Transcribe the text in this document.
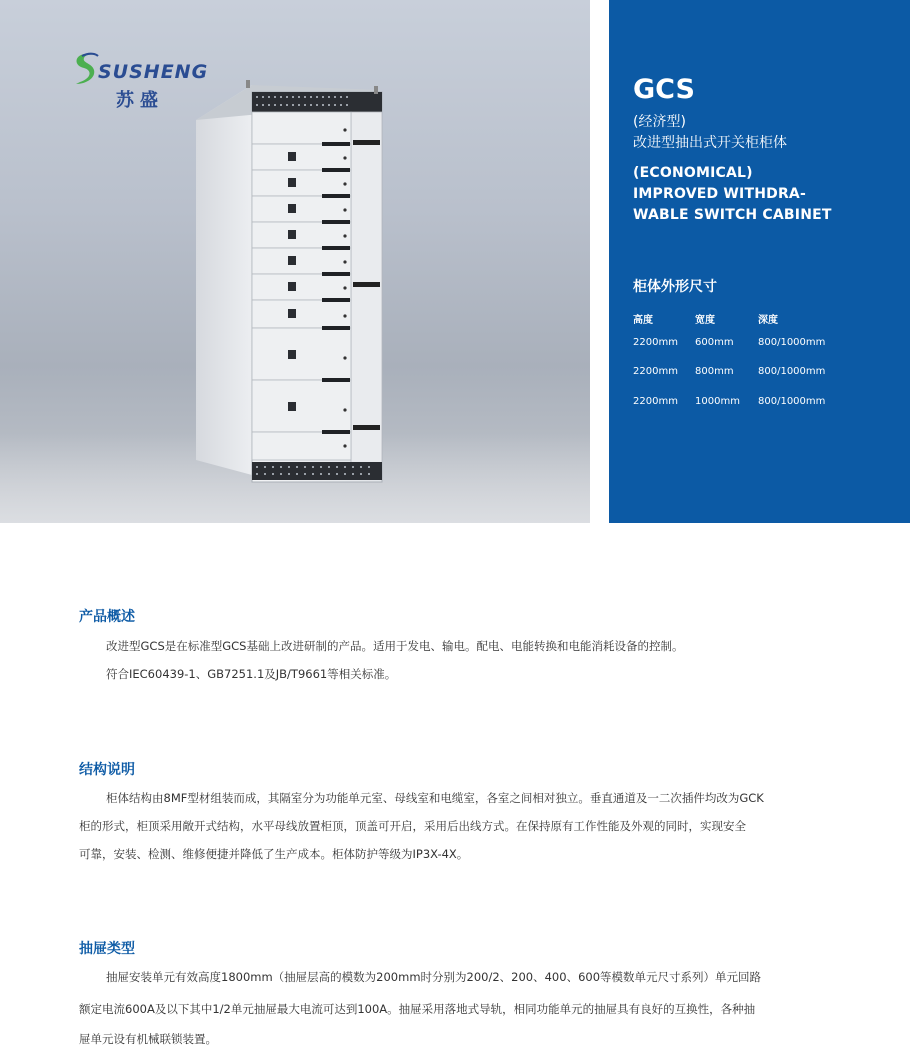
SUSHENG
苏盛	GCS
(经济型)
改进型抽出式开关柜柜体
(ECONOMICAL)
IMPROVED WITHDRA-
WABLE SWITCH CABINET
柜体外形尺寸
高度	宽度	深度
2200mm 600mm 800/1000mm
2200mm 800mm 800/1000mm
2200mm 1000mm 800/1000mm
产品概述
改进型GCS是在标准型GCS基础上改进研制的产品。适用于发电、输电。配电、电能转换和电能消耗设备的控制。
符合IEC60439-1、GB7251.1及JB/T9661等相关标准。
结构说明
柜体结构由8MF型材组装而成，其隔室分为功能单元室、母线室和电缆室，各室之间相对独立。垂直通道及一二次插件均改为GCK
柜的形式，柜顶采用敞开式结构，水平母线放置柜顶，顶盖可开启，采用后出线方式。在保持原有工作性能及外观的同时，实现安全
可靠，安装、检测、维修便捷并降低了生产成本。柜体防护等级为IP3X-4X。
抽屉类型
抽屉安装单元有效高度1800mm（抽屉层高的模数为200mm时分别为200/2、200、400、600等模数单元尺寸系列）单元回路
额定电流600A及以下其中1/2单元抽屉最大电流可达到100A。抽屉采用落地式导轨，相同功能单元的抽屉具有良好的互换性，各种抽
屉单元设有机械联锁装置。
